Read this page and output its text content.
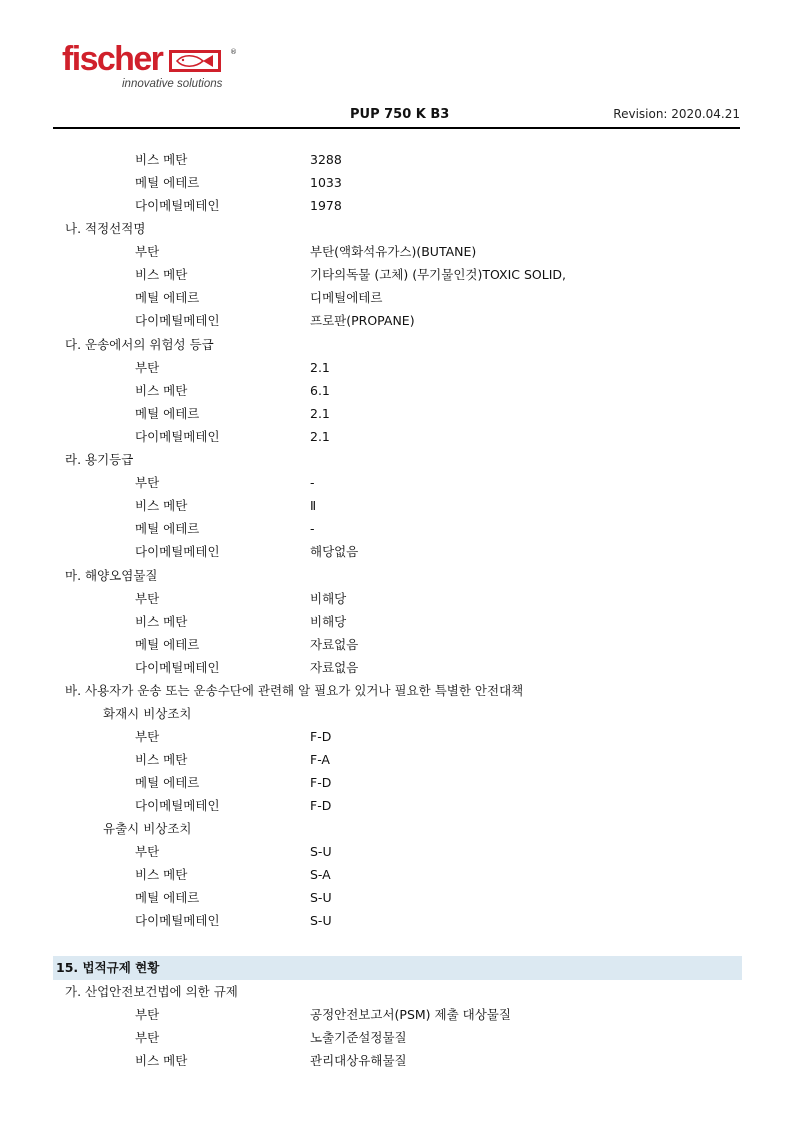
fischer	®
innovative solutions
PUP 750 K B3	Revision: 2020.04.21
비스 메탄	3288
메틸 에테르	1033
다이메틸메테인	1978
나. 적정선적명
부탄	부탄(액화석유가스)(BUTANE)
비스 메탄	기타의독물 (고체) (무기물인것)TOXIC SOLID,
메틸 에테르	디메틸에테르
다이메틸메테인	프로판(PROPANE)
다. 운송에서의 위험성 등급
부탄	2.1
비스 메탄	6.1
메틸 에테르	2.1
다이메틸메테인	2.1
라. 용기등급
부탄	-
비스 메탄	Ⅱ
메틸 에테르	-
다이메틸메테인	해당없음
마. 해양오염물질
부탄	비해당
비스 메탄	비해당
메틸 에테르	자료없음
다이메틸메테인	자료없음
바. 사용자가 운송 또는 운송수단에 관련해 알 필요가 있거나 필요한 특별한 안전대책
화재시 비상조치
부탄	F-D
비스 메탄	F-A
메틸 에테르	F-D
다이메틸메테인	F-D
유출시 비상조치
부탄	S-U
비스 메탄	S-A
메틸 에테르	S-U
다이메틸메테인	S-U
15. 법적규제 현황
가. 산업안전보건법에 의한 규제
부탄	공정안전보고서(PSM) 제출 대상물질
부탄	노출기준설정물질
비스 메탄	관리대상유해물질
